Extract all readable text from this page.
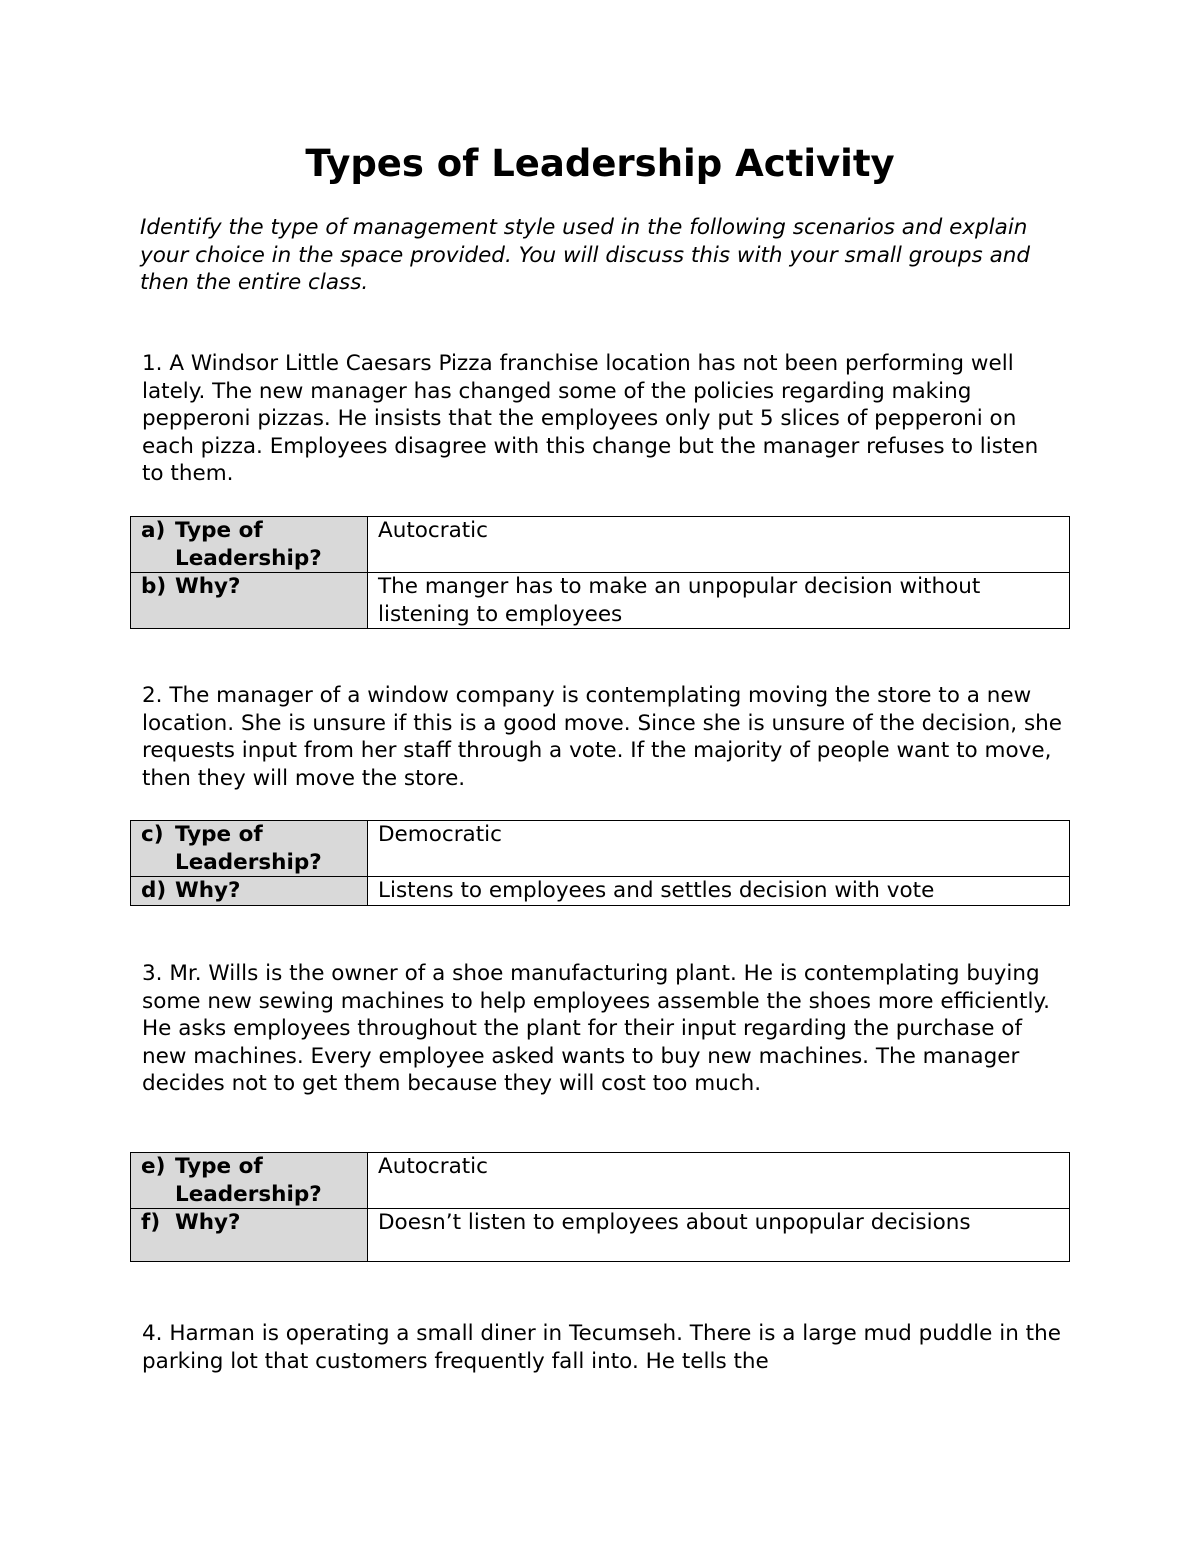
Types of Leadership Activity
Identify the type of management style used in the following scenarios and explain your choice in the space provided. You will discuss this with your small groups and then the entire class.
1. A Windsor Little Caesars Pizza franchise location has not been performing well lately. The new manager has changed some of the policies regarding making pepperoni pizzas. He insists that the employees only put 5 slices of pepperoni on each pizza. Employees disagree with this change but the manager refuses to listen to them.
a) Type of Leadership?	Autocratic

b) Why?	The manger has to make an unpopular decision without listening to employees
2. The manager of a window company is contemplating moving the store to a new location. She is unsure if this is a good move. Since she is unsure of the decision, she requests input from her staff through a vote. If the majority of people want to move, then they will move the store.
c) Type of Leadership?	Democratic

d) Why?	Listens to employees and settles decision with vote
3. Mr. Wills is the owner of a shoe manufacturing plant. He is contemplating buying some new sewing machines to help employees assemble the shoes more efficiently. He asks employees throughout the plant for their input regarding the purchase of new machines. Every employee asked wants to buy new machines. The manager decides not to get them because they will cost too much.
e) Type of Leadership?	Autocratic

f) Why?	Doesn’t listen to employees about unpopular decisions
4. Harman is operating a small diner in Tecumseh. There is a large mud puddle in the parking lot that customers frequently fall into. He tells the
